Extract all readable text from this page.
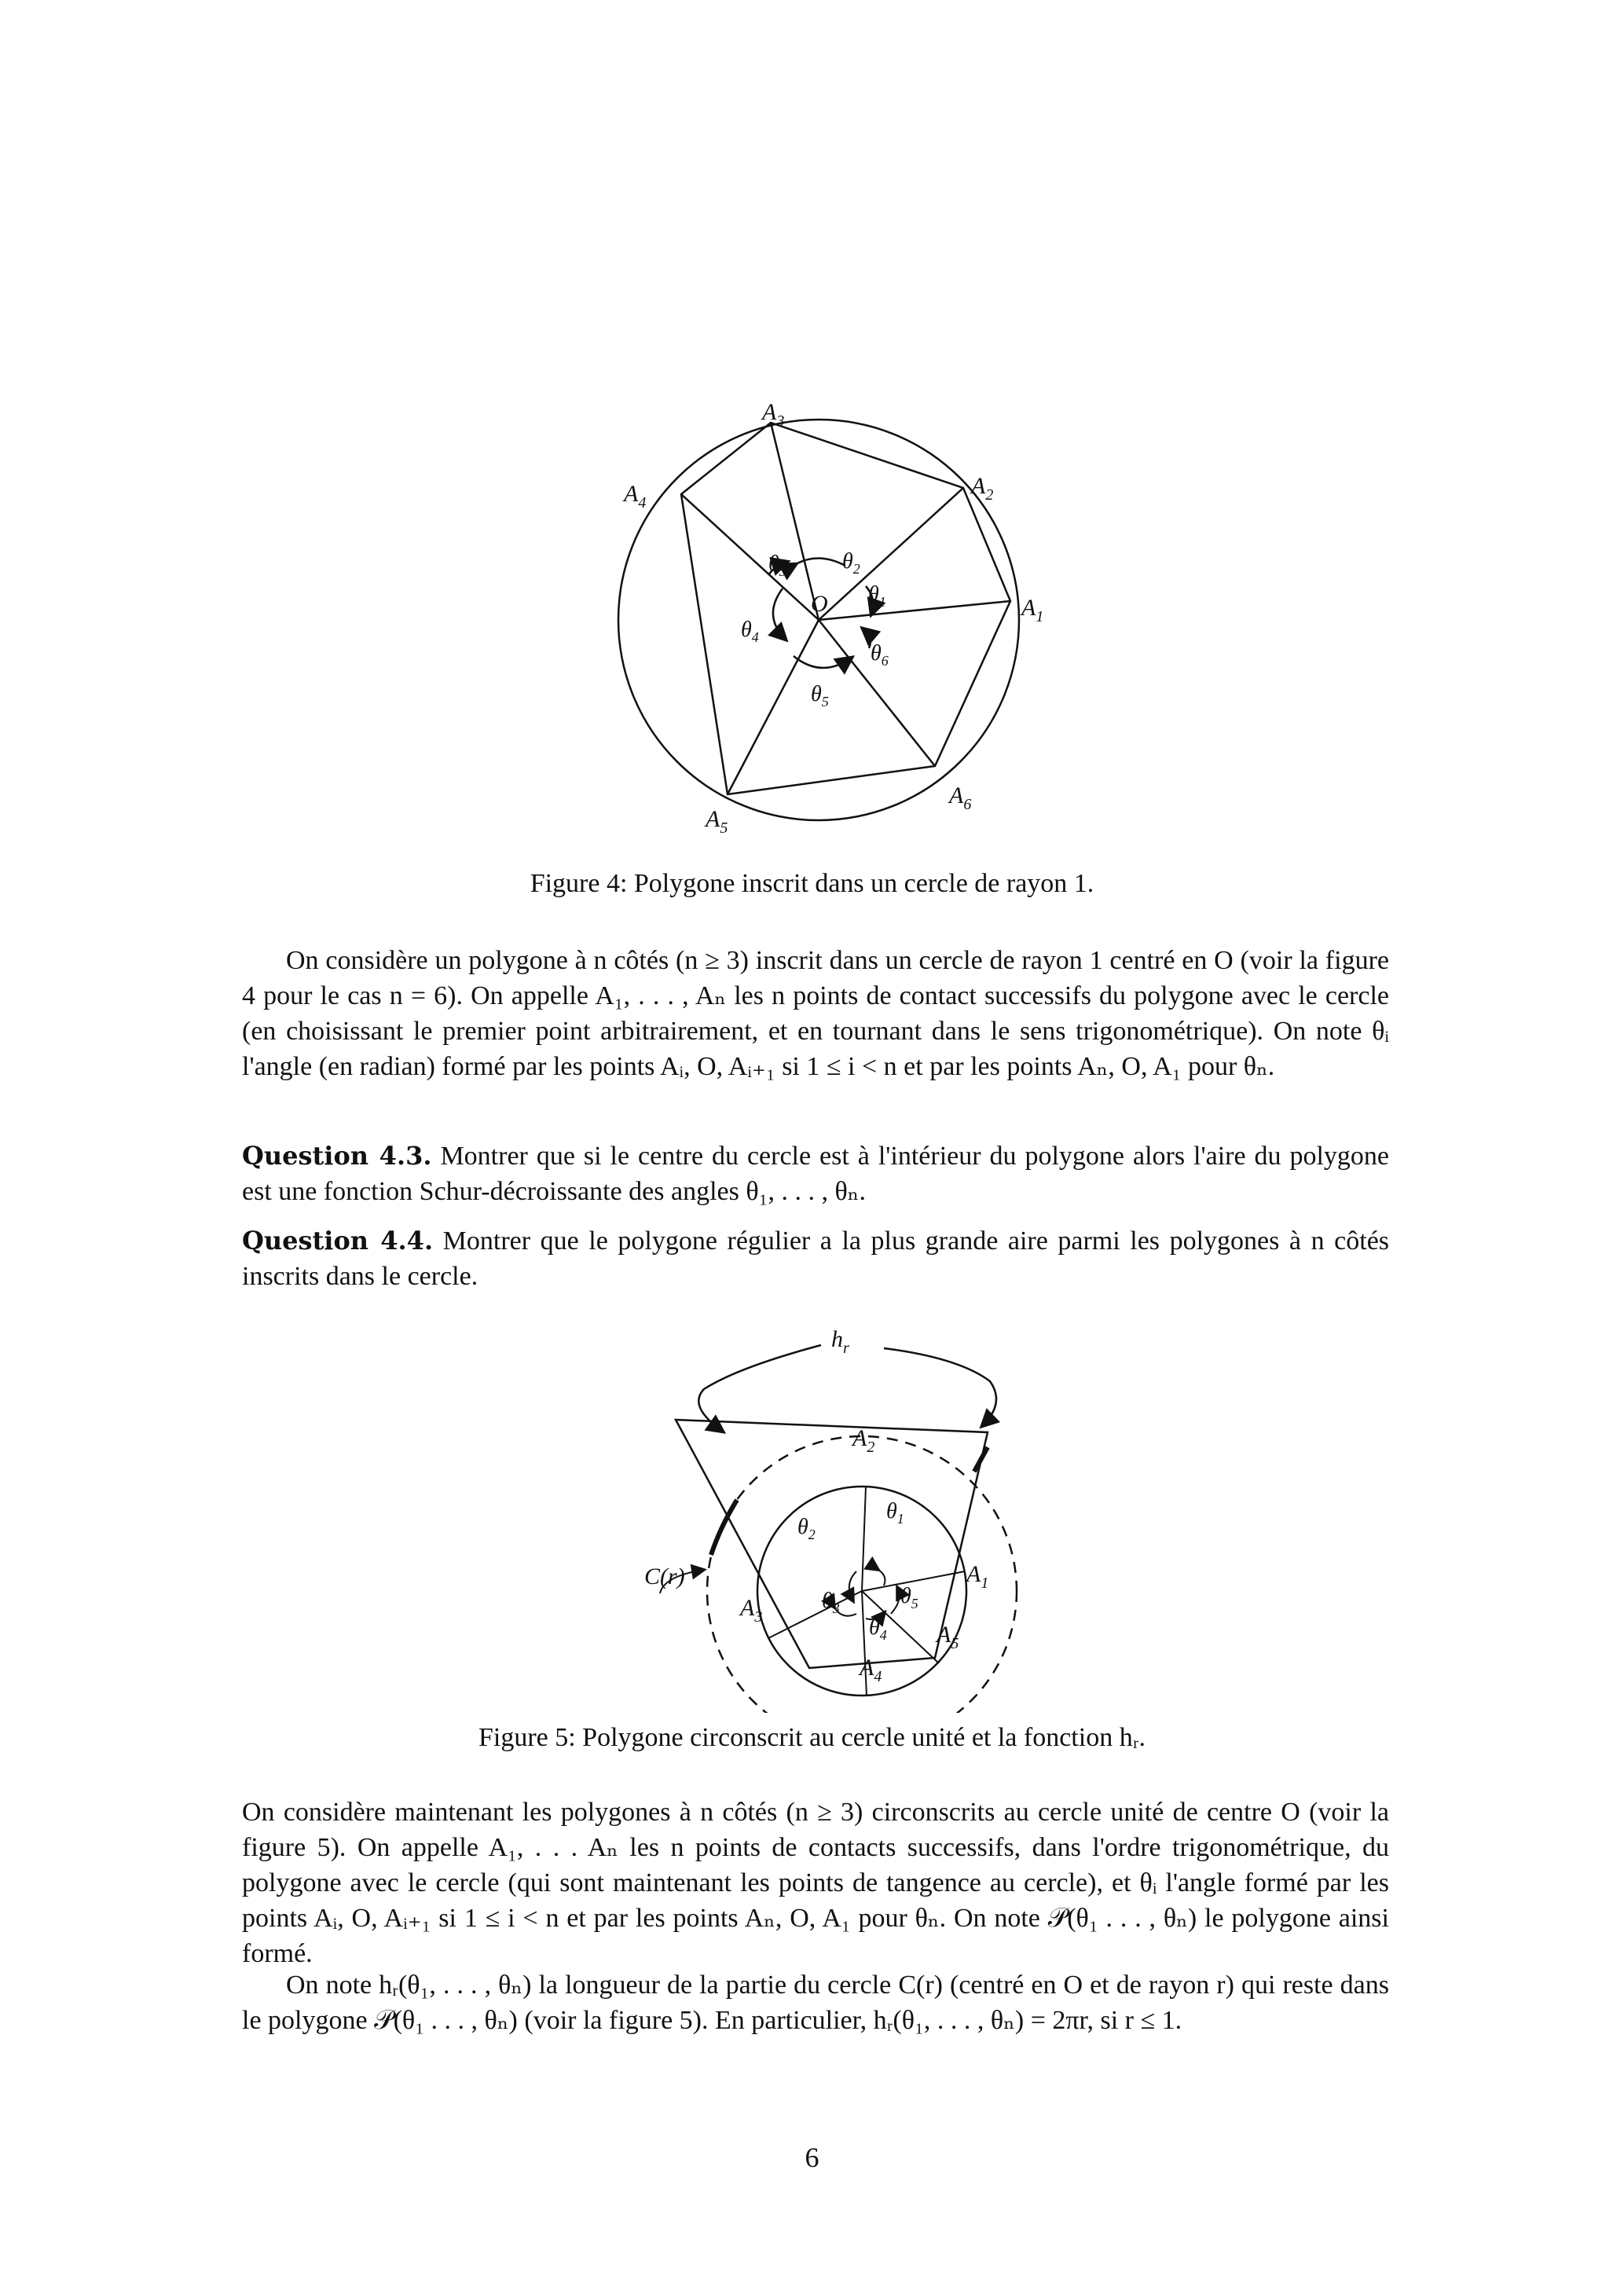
$A_3$
$A_4$
$A_2$
$A_1$
$A_5$
$A_6$
O $\theta_1$
$\theta_2$
$\theta_3$
$\theta_4$
$\theta_5$
$\theta_6$
Figure 4: Polygone inscrit dans un cercle de rayon 1.

On considère un polygone à n côtés (n ≥ 3) inscrit dans un cercle de rayon 1 centré en O (voir la figure 4 pour le cas n = 6). On appelle A₁, . . . , Aₙ les n points de contact successifs du polygone avec le cercle (en choisissant le premier point arbitrairement, et en tournant dans le sens trigonométrique). On note θᵢ l'angle (en radian) formé par les points Aᵢ, O, Aᵢ₊₁ si 1 ≤ i < n et par les points Aₙ, O, A₁ pour θₙ.

Question 4.3. Montrer que si le centre du cercle est à l'intérieur du polygone alors l'aire du polygone est une fonction Schur-décroissante des angles θ₁, . . . , θₙ.

Question 4.4. Montrer que le polygone régulier a la plus grande aire parmi les polygones à n côtés inscrits dans le cercle.

$h_r$
$A_2$
$A_1$
$A_3$
$A_4$
$A_5$
C(r)
$\theta_1$
$\theta_2$
$\theta_3$
$\theta_4$
$\theta_5$
Figure 5: Polygone circonscrit au cercle unité et la fonction hᵣ.

On considère maintenant les polygones à n côtés (n ≥ 3) circonscrits au cercle unité de centre O (voir la figure 5). On appelle A₁, . . . Aₙ les n points de contacts successifs, dans l'ordre trigonométrique, du polygone avec le cercle (qui sont maintenant les points de tangence au cercle), et θᵢ l'angle formé par les points Aᵢ, O, Aᵢ₊₁ si 1 ≤ i < n et par les points Aₙ, O, A₁ pour θₙ. On note 𝒫(θ₁ . . . , θₙ) le polygone ainsi formé.

On note hᵣ(θ₁, . . . , θₙ) la longueur de la partie du cercle C(r) (centré en O et de rayon r) qui reste dans le polygone 𝒫(θ₁ . . . , θₙ) (voir la figure 5). En particulier, hᵣ(θ₁, . . . , θₙ) = 2πr, si r ≤ 1.

6
